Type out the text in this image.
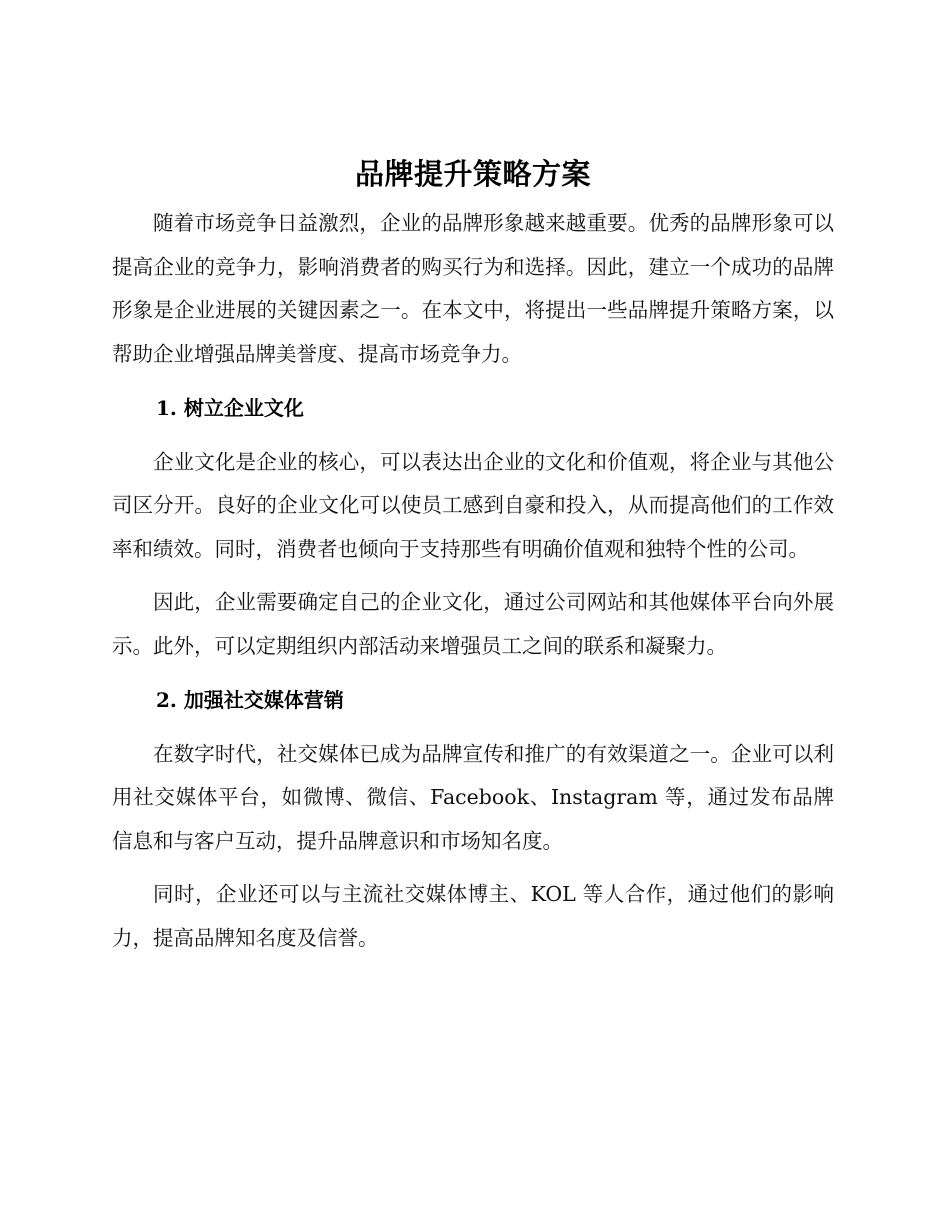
品牌提升策略方案

随着市场竞争日益激烈，企业的品牌形象越来越重要。优秀的品牌形象可以提高企业的竞争力，影响消费者的购买行为和选择。因此，建立一个成功的品牌形象是企业进展的关键因素之一。在本文中，将提出一些品牌提升策略方案，以帮助企业增强品牌美誉度、提高市场竞争力。

1. 树立企业文化

企业文化是企业的核心，可以表达出企业的文化和价值观，将企业与其他公司区分开。良好的企业文化可以使员工感到自豪和投入，从而提高他们的工作效率和绩效。同时，消费者也倾向于支持那些有明确价值观和独特个性的公司。

因此，企业需要确定自己的企业文化，通过公司网站和其他媒体平台向外展示。此外，可以定期组织内部活动来增强员工之间的联系和凝聚力。

2. 加强社交媒体营销

在数字时代，社交媒体已成为品牌宣传和推广的有效渠道之一。企业可以利用社交媒体平台，如微博、微信、Facebook、Instagram 等，通过发布品牌信息和与客户互动，提升品牌意识和市场知名度。

同时，企业还可以与主流社交媒体博主、KOL 等人合作，通过他们的影响力，提高品牌知名度及信誉。
